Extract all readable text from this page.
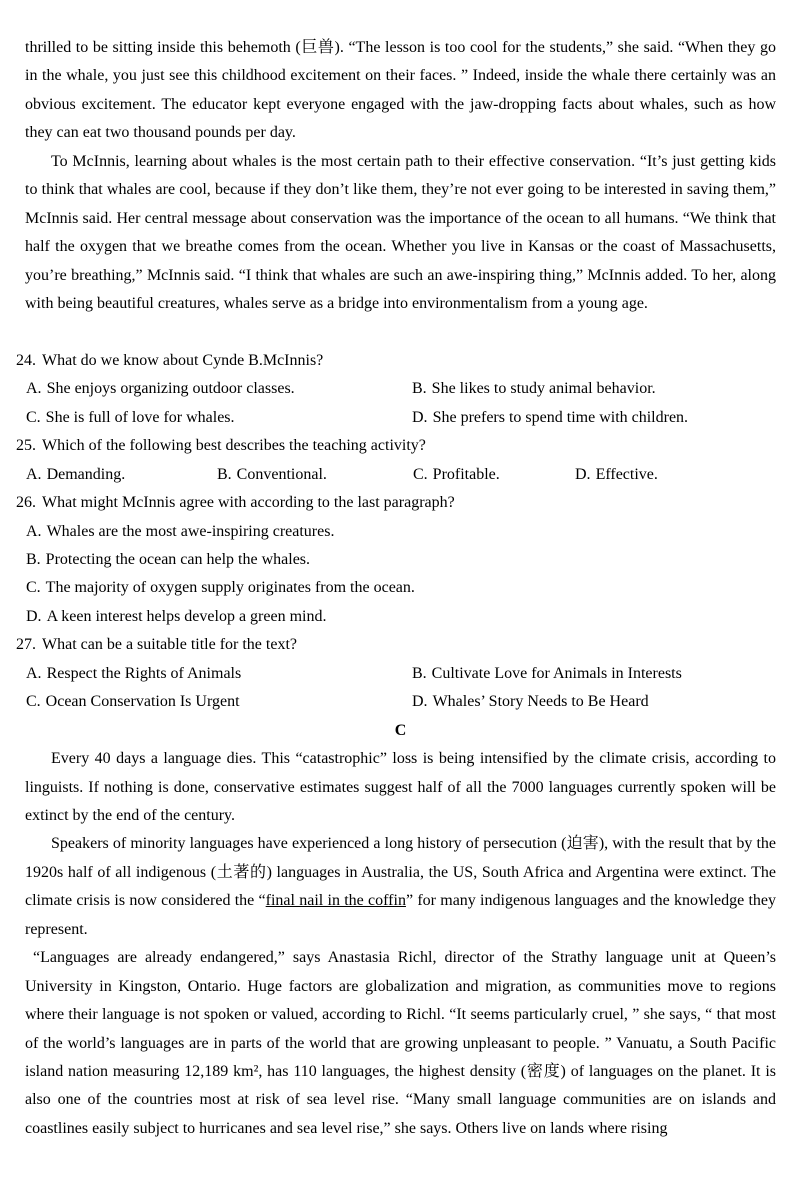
thrilled to be sitting inside this behemoth (巨兽). “The lesson is too cool for the students,” she said. “When they go in the whale, you just see this childhood excitement on their faces. ” Indeed, inside the whale there certainly was an obvious excitement. The educator kept everyone engaged with the jaw-dropping facts about whales, such as how they can eat two thousand pounds per day.

To McInnis, learning about whales is the most certain path to their effective conservation. “It’s just getting kids to think that whales are cool, because if they don’t like them, they’re not ever going to be interested in saving them,” McInnis said. Her central message about conservation was the importance of the ocean to all humans. “We think that half the oxygen that we breathe comes from the ocean. Whether you live in Kansas or the coast of Massachusetts, you’re breathing,” McInnis said. “I think that whales are such an awe-inspiring thing,” McInnis added. To her, along with being beautiful creatures, whales serve as a bridge into environmentalism from a young age.

24. What do we know about Cynde B.McInnis?

A. She enjoys organizing outdoor classes.	B. She likes to study animal behavior.
C. She is full of love for whales.	D. She prefers to spend time with children.

25. Which of the following best describes the teaching activity?

A. Demanding.	B. Conventional.	C. Profitable.	D. Effective.

26. What might McInnis agree with according to the last paragraph?

A. Whales are the most awe-inspiring creatures.

B. Protecting the ocean can help the whales.

C. The majority of oxygen supply originates from the ocean.

D. A keen interest helps develop a green mind.

27. What can be a suitable title for the text?

A. Respect the Rights of Animals	B. Cultivate Love for Animals in Interests
C. Ocean Conservation Is Urgent	D. Whales’ Story Needs to Be Heard

C

Every 40 days a language dies. This “catastrophic” loss is being intensified by the climate crisis, according to linguists. If nothing is done, conservative estimates suggest half of all the 7000 languages currently spoken will be extinct by the end of the century.

Speakers of minority languages have experienced a long history of persecution (迫害), with the result that by the 1920s half of all indigenous (土著的) languages in Australia, the US, South Africa and Argentina were extinct. The climate crisis is now considered the “final nail in the coffin” for many indigenous languages and the knowledge they represent.

“Languages are already endangered,” says Anastasia Richl, director of the Strathy language unit at Queen’s University in Kingston, Ontario. Huge factors are globalization and migration, as communities move to regions where their language is not spoken or valued, according to Richl. “It seems particularly cruel, ” she says, “ that most of the world’s languages are in parts of the world that are growing unpleasant to people. ” Vanuatu, a South Pacific island nation measuring 12,189 km², has 110 languages, the highest density (密度) of languages on the planet. It is also one of the countries most at risk of sea level rise. “Many small language communities are on islands and coastlines easily subject to hurricanes and sea level rise,” she says. Others live on lands where rising
